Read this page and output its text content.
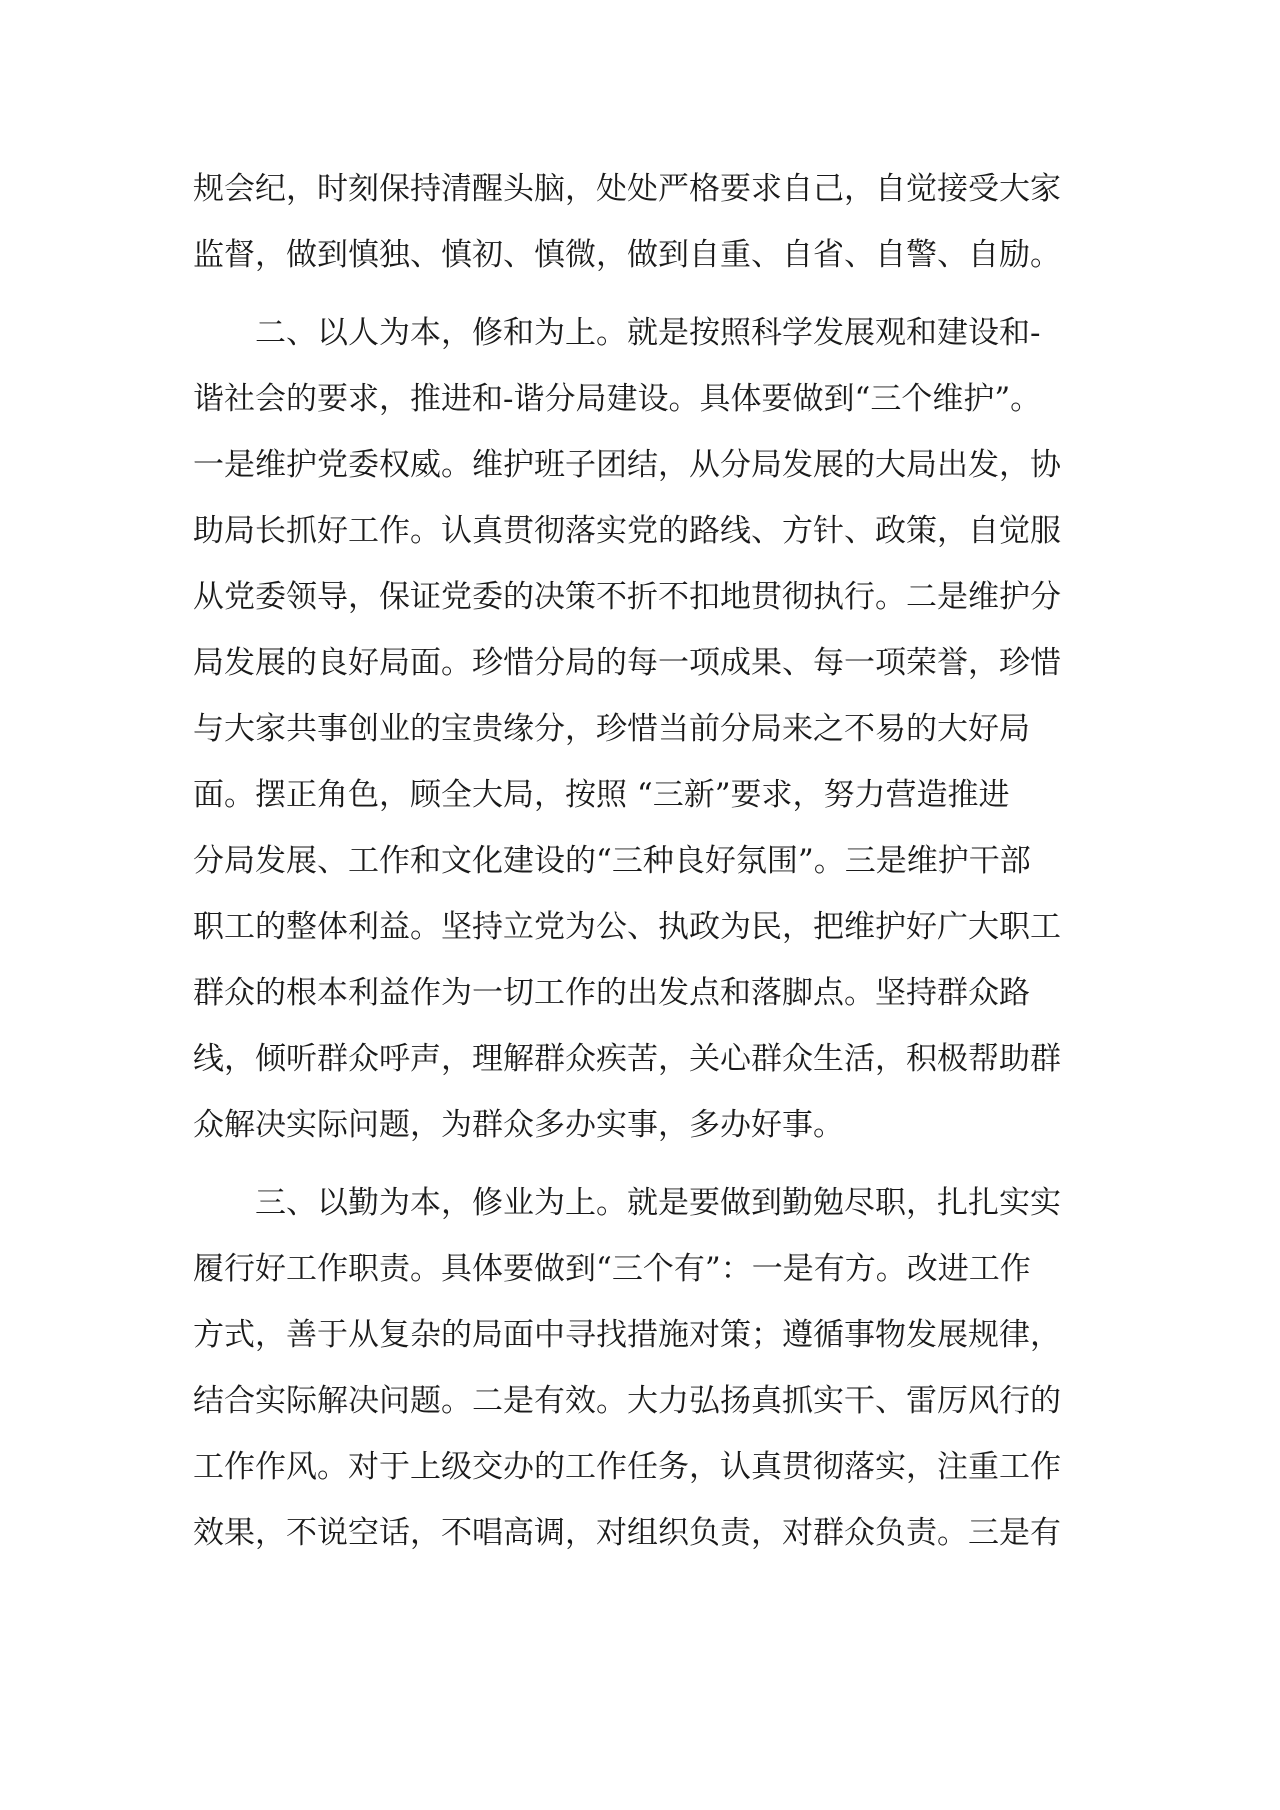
规会纪，时刻保持清醒头脑，处处严格要求自己，自觉接受大家
监督，做到慎独、慎初、慎微，做到自重、自省、自警、自励。
二、以人为本，修和为上。就是按照科学发展观和建设和-
谐社会的要求，推进和-谐分局建设。具体要做到“三个维护”。
一是维护党委权威。维护班子团结，从分局发展的大局出发，协
助局长抓好工作。认真贯彻落实党的路线、方针、政策，自觉服
从党委领导，保证党委的决策不折不扣地贯彻执行。二是维护分
局发展的良好局面。珍惜分局的每一项成果、每一项荣誉，珍惜
与大家共事创业的宝贵缘分，珍惜当前分局来之不易的大好局
面。摆正角色，顾全大局，按照 “三新”要求，努力营造推进
分局发展、工作和文化建设的“三种良好氛围”。三是维护干部
职工的整体利益。坚持立党为公、执政为民，把维护好广大职工
群众的根本利益作为一切工作的出发点和落脚点。坚持群众路
线，倾听群众呼声，理解群众疾苦，关心群众生活，积极帮助群
众解决实际问题，为群众多办实事，多办好事。
三、以勤为本，修业为上。就是要做到勤勉尽职，扎扎实实
履行好工作职责。具体要做到“三个有”：一是有方。改进工作
方式，善于从复杂的局面中寻找措施对策；遵循事物发展规律，
结合实际解决问题。二是有效。大力弘扬真抓实干、雷厉风行的
工作作风。对于上级交办的工作任务，认真贯彻落实，注重工作
效果，不说空话，不唱高调，对组织负责，对群众负责。三是有
